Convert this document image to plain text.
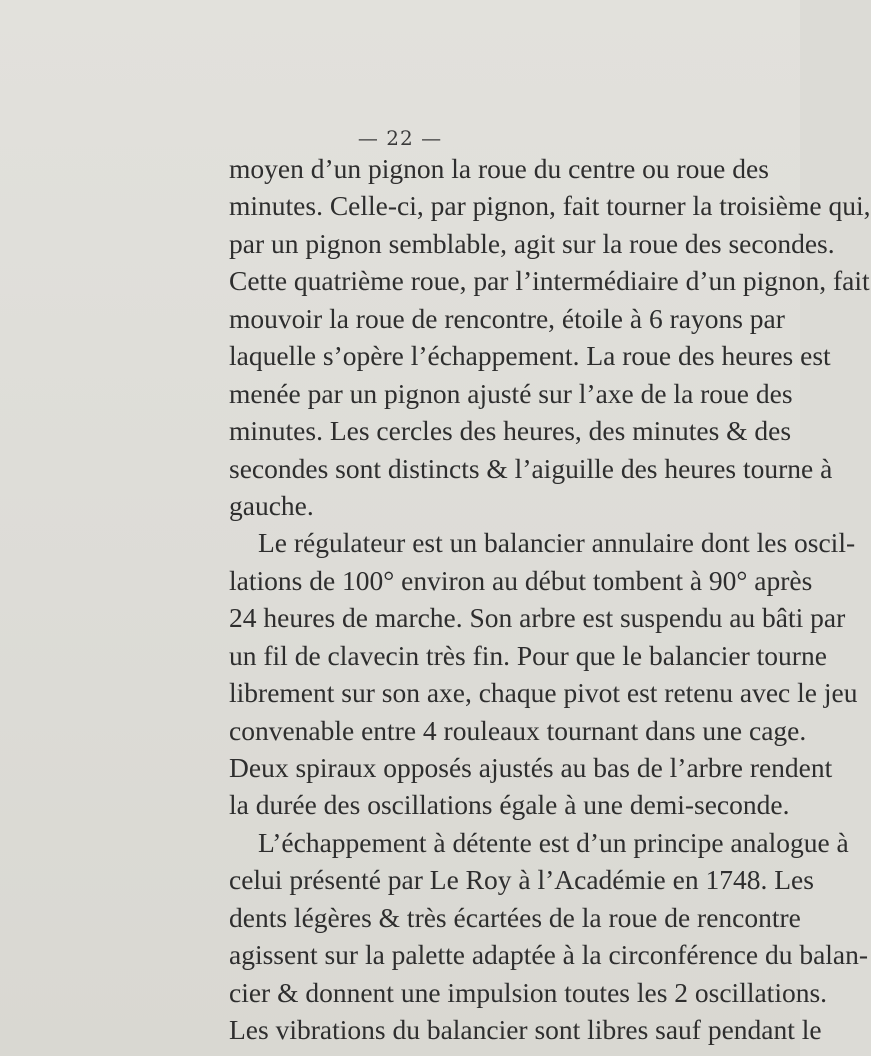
— 22 —
moyen d’un pignon la roue du centre ou roue des
minutes. Celle-ci, par pignon, fait tourner la troisième qui,
par un pignon semblable, agit sur la roue des secondes.
Cette quatrième roue, par l’intermédiaire d’un pignon, fait
mouvoir la roue de rencontre, étoile à 6 rayons par
laquelle s’opère l’échappement. La roue des heures est
menée par un pignon ajusté sur l’axe de la roue des
minutes. Les cercles des heures, des minutes & des
secondes sont distincts & l’aiguille des heures tourne à
gauche.
Le régulateur est un balancier annulaire dont les oscil-
lations de 100° environ au début tombent à 90° après
24 heures de marche. Son arbre est suspendu au bâti par
un fil de clavecin très fin. Pour que le balancier tourne
librement sur son axe, chaque pivot est retenu avec le jeu
convenable entre 4 rouleaux tournant dans une cage.
Deux spiraux opposés ajustés au bas de l’arbre rendent
la durée des oscillations égale à une demi-seconde.
L’échappement à détente est d’un principe analogue à
celui présenté par Le Roy à l’Académie en 1748. Les
dents légères & très écartées de la roue de rencontre
agissent sur la palette adaptée à la circonférence du balan-
cier & donnent une impulsion toutes les 2 oscillations.
Les vibrations du balancier sont libres sauf pendant le
